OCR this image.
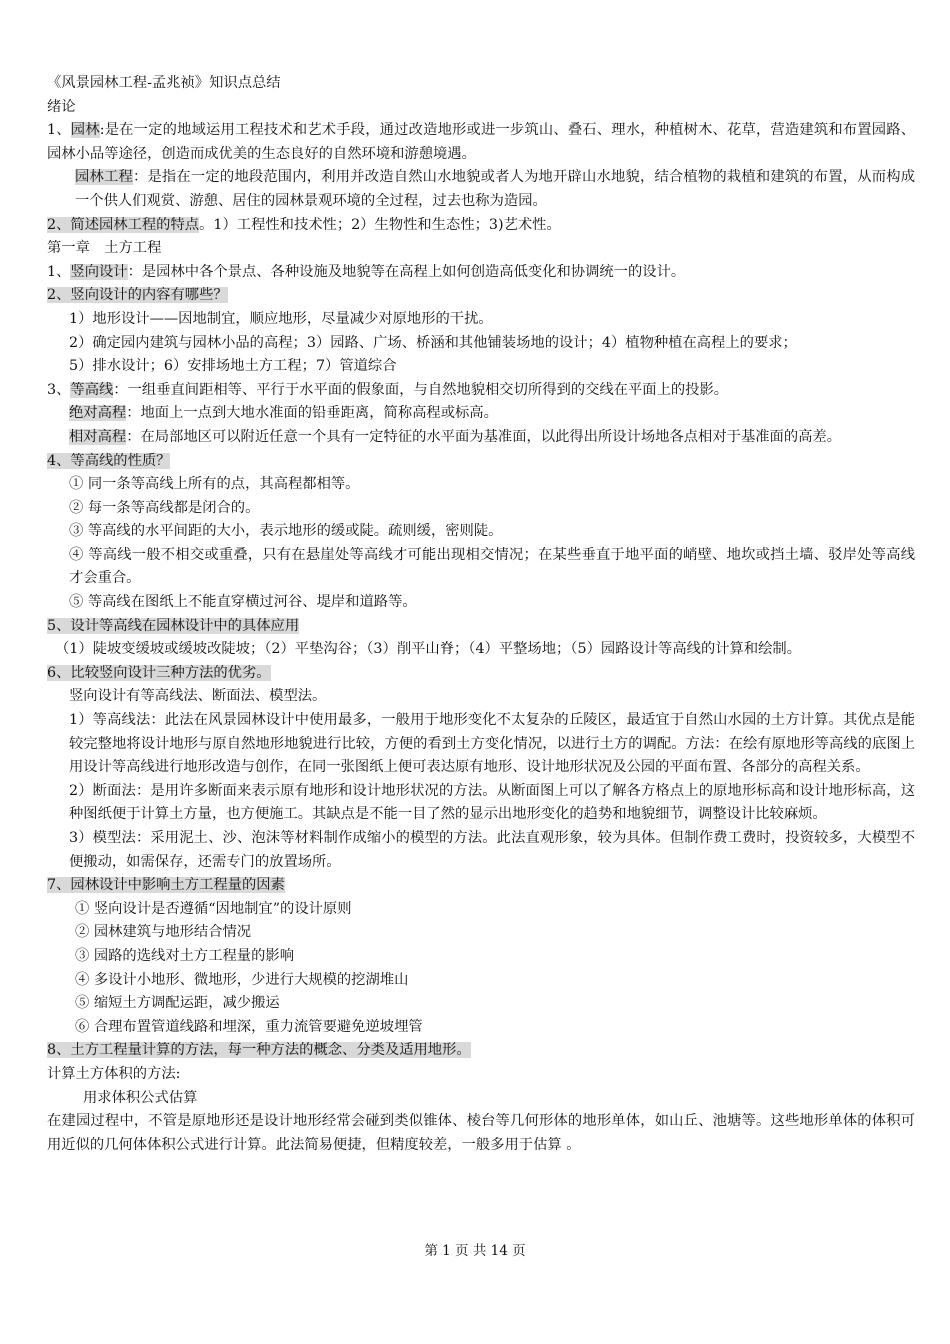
《风景园林工程-孟兆祯》知识点总结
绪论
1、园林:是在一定的地域运用工程技术和艺术手段，通过改造地形或进一步筑山、叠石、理水，种植树木、花草，营造建筑和布置园路、园林小品等途径，创造而成优美的生态良好的自然环境和游憩境遇。
园林工程：是指在一定的地段范围内，利用并改造自然山水地貌或者人为地开辟山水地貌，结合植物的栽植和建筑的布置，从而构成一个供人们观赏、游憩、居住的园林景观环境的全过程，过去也称为造园。
2、简述园林工程的特点。1）工程性和技术性；2）生物性和生态性；3)艺术性。
第一章　土方工程
1、竖向设计：是园林中各个景点、各种设施及地貌等在高程上如何创造高低变化和协调统一的设计。
2、竖向设计的内容有哪些？
1）地形设计——因地制宜，顺应地形，尽量减少对原地形的干扰。
2）确定园内建筑与园林小品的高程；3）园路、广场、桥涵和其他铺装场地的设计；4）植物种植在高程上的要求；
5）排水设计；6）安排场地土方工程；7）管道综合
3、等高线：一组垂直间距相等、平行于水平面的假象面，与自然地貌相交切所得到的交线在平面上的投影。
绝对高程：地面上一点到大地水准面的铅垂距离，简称高程或标高。
相对高程：在局部地区可以附近任意一个具有一定特征的水平面为基准面，以此得出所设计场地各点相对于基准面的高差。
4、等高线的性质？
① 同一条等高线上所有的点，其高程都相等。
② 每一条等高线都是闭合的。
③ 等高线的水平间距的大小，表示地形的缓或陡。疏则缓，密则陡。
④ 等高线一般不相交或重叠，只有在悬崖处等高线才可能出现相交情况；在某些垂直于地平面的峭壁、地坎或挡土墙、驳岸处等高线才会重合。
⑤ 等高线在图纸上不能直穿横过河谷、堤岸和道路等。
5、设计等高线在园林设计中的具体应用
（1）陡坡变缓坡或缓坡改陡坡；（2）平垫沟谷；（3）削平山脊；（4）平整场地；（5）园路设计等高线的计算和绘制。
6、比较竖向设计三种方法的优劣。
竖向设计有等高线法、断面法、模型法。
1）等高线法：此法在风景园林设计中使用最多，一般用于地形变化不太复杂的丘陵区，最适宜于自然山水园的土方计算。其优点是能较完整地将设计地形与原自然地形地貌进行比较，方便的看到土方变化情况，以进行土方的调配。方法：在绘有原地形等高线的底图上用设计等高线进行地形改造与创作，在同一张图纸上便可表达原有地形、设计地形状况及公园的平面布置、各部分的高程关系。
2）断面法：是用许多断面来表示原有地形和设计地形状况的方法。从断面图上可以了解各方格点上的原地形标高和设计地形标高，这种图纸便于计算土方量，也方便施工。其缺点是不能一目了然的显示出地形变化的趋势和地貌细节，调整设计比较麻烦。
3）模型法：采用泥土、沙、泡沫等材料制作成缩小的模型的方法。此法直观形象，较为具体。但制作费工费时，投资较多，大模型不便搬动，如需保存，还需专门的放置场所。
7、园林设计中影响土方工程量的因素
① 竖向设计是否遵循“因地制宜”的设计原则
② 园林建筑与地形结合情况
③ 园路的选线对土方工程量的影响
④ 多设计小地形、微地形，少进行大规模的挖湖堆山
⑤ 缩短土方调配运距，减少搬运
⑥ 合理布置管道线路和埋深，重力流管要避免逆坡埋管
8、土方工程量计算的方法，每一种方法的概念、分类及适用地形。
计算土方体积的方法:
用求体积公式估算
在建园过程中，不管是原地形还是设计地形经常会碰到类似锥体、棱台等几何形体的地形单体，如山丘、池塘等。这些地形单体的体积可用近似的几何体体积公式进行计算。此法简易便捷，但精度较差，一般多用于估算 。
第 1 页 共 14 页
